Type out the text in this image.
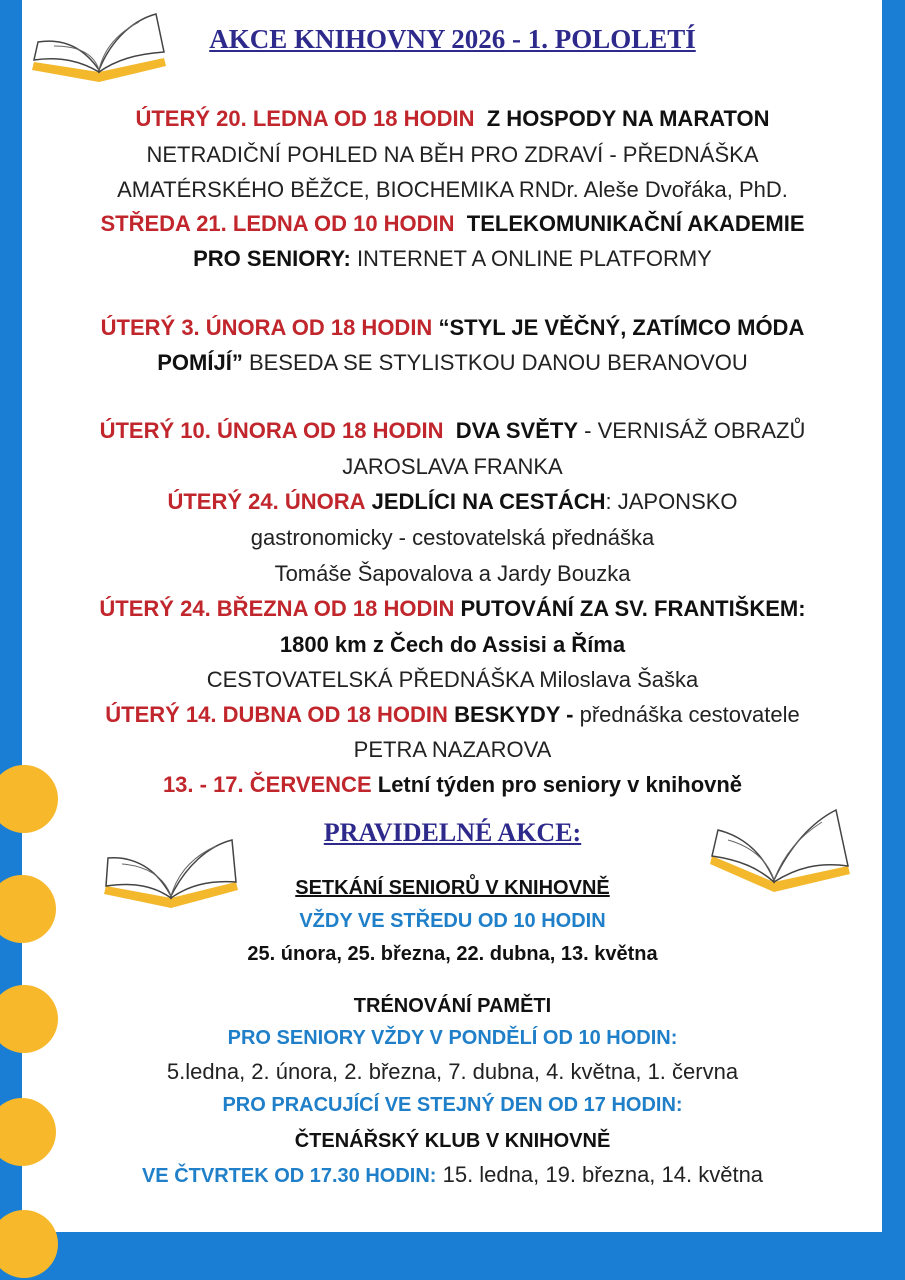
AKCE KNIHOVNY 2026 - 1. POLOLETÍ
ÚTERÝ 20. LEDNA OD 18 HODIN Z HOSPODY NA MARATON
NETRADIČNÍ POHLED NA BĚH PRO ZDRAVÍ - PŘEDNÁŠKA
AMATÉRSKÉHO BĚŽCE, BIOCHEMIKA RNDr. Aleše Dvořáka, PhD.
STŘEDA 21. LEDNA OD 10 HODIN TELEKOMUNIKAČNÍ AKADEMIE
PRO SENIORY: INTERNET A ONLINE PLATFORMY
ÚTERÝ 3. ÚNORA OD 18 HODIN “STYL JE VĚČNÝ, ZATÍMCO MÓDA
POMÍJÍ” BESEDA SE STYLISTKOU DANOU BERANOVOU
ÚTERÝ 10. ÚNORA OD 18 HODIN DVA SVĚTY - VERNISÁŽ OBRAZŮ
JAROSLAVA FRANKA
ÚTERÝ 24. ÚNORA JEDLÍCI NA CESTÁCH: JAPONSKO
gastronomicky - cestovatelská přednáška
Tomáše Šapovalova a Jardy Bouzka
ÚTERÝ 24. BŘEZNA OD 18 HODIN PUTOVÁNÍ ZA SV. FRANTIŠKEM:
1800 km z Čech do Assisi a Říma
CESTOVATELSKÁ PŘEDNÁŠKA Miloslava Šaška
ÚTERÝ 14. DUBNA OD 18 HODIN BESKYDY - přednáška cestovatele
PETRA NAZAROVA
13. - 17. ČERVENCE Letní týden pro seniory v knihovně
PRAVIDELNÉ AKCE:
SETKÁNÍ SENIORŮ V KNIHOVNĚ
VŽDY VE STŘEDU OD 10 HODIN
25. února, 25. března, 22. dubna, 13. května
TRÉNOVÁNÍ PAMĚTI
PRO SENIORY VŽDY V PONDĚLÍ OD 10 HODIN:
5.ledna, 2. února, 2. března, 7. dubna, 4. května, 1. června
PRO PRACUJÍCÍ VE STEJNÝ DEN OD 17 HODIN:
ČTENÁŘSKÝ KLUB V KNIHOVNĚ
VE ČTVRTEK OD 17.30 HODIN: 15. ledna, 19. března, 14. května
